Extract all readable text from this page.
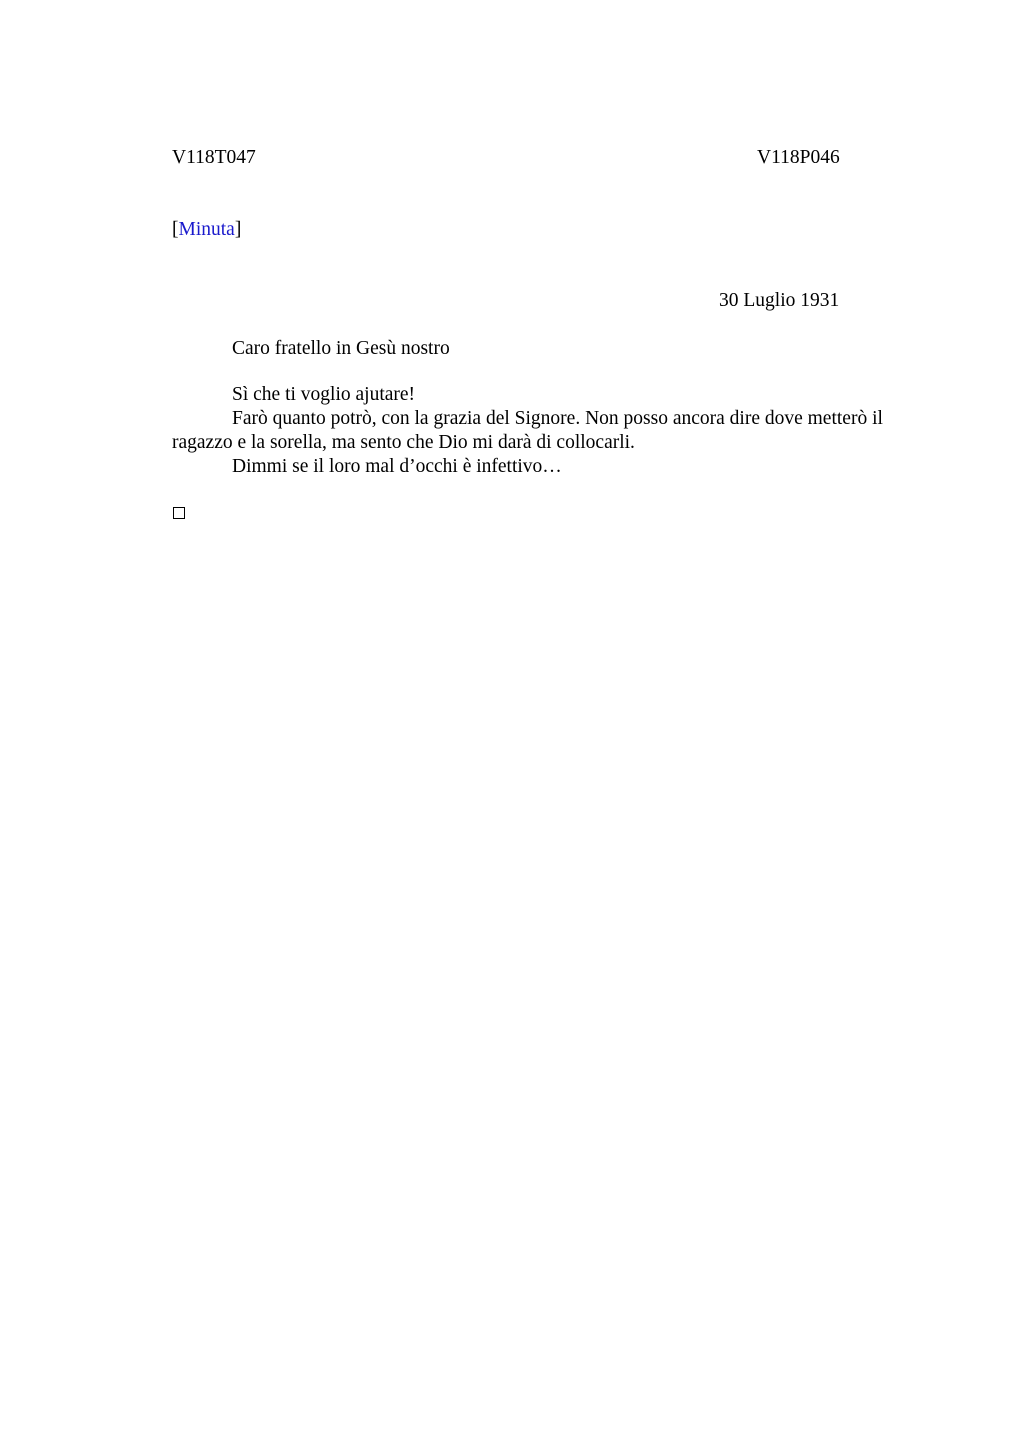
V118T047	V118P046
[Minuta]
30 Luglio 1931
Caro fratello in Gesù nostro

Sì che ti voglio ajutare!

Farò quanto potrò, con la grazia del Signore. Non posso ancora dire dove metterò il ragazzo e la sorella, ma sento che Dio mi darà di collocarli.

Dimmi se il loro mal d’occhi è infettivo…
